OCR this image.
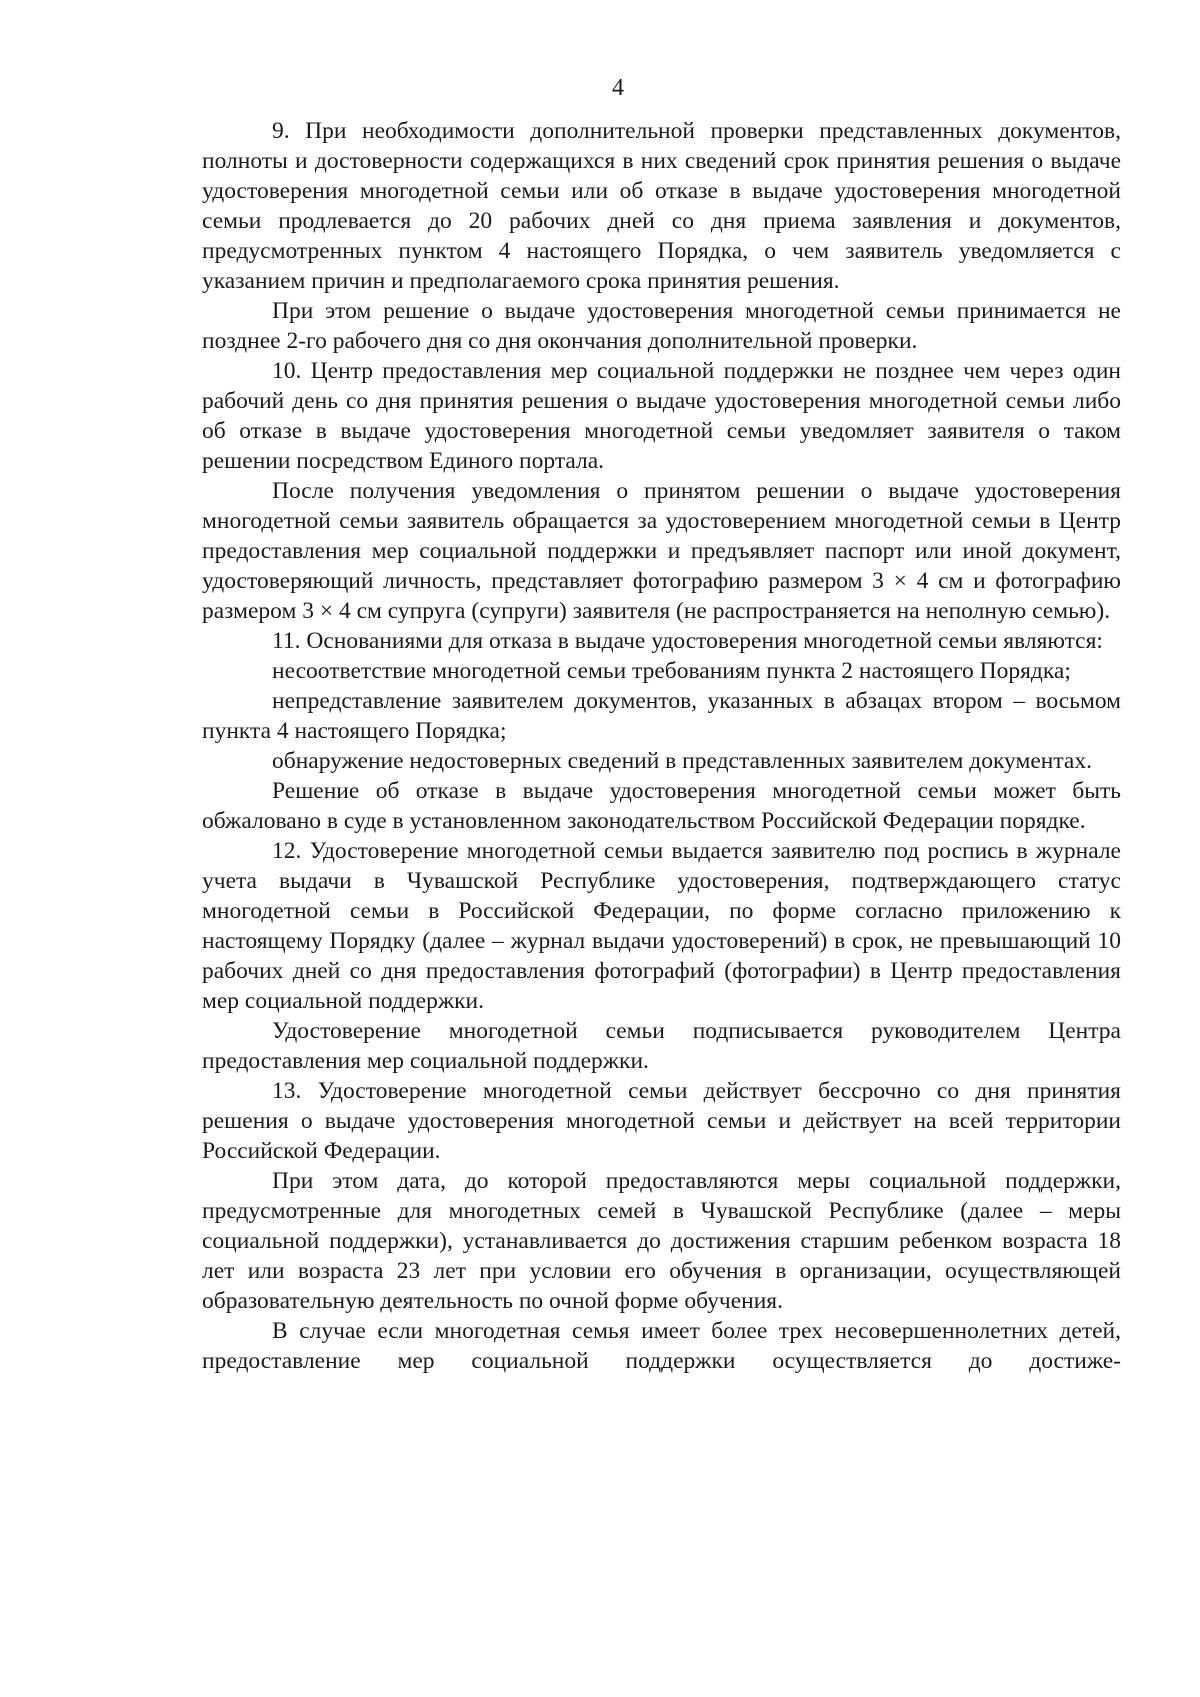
4

9. При необходимости дополнительной проверки представленных документов, полноты и достоверности содержащихся в них сведений срок принятия решения о выдаче удостоверения многодетной семьи или об отказе в выдаче удостоверения многодетной семьи продлевается до 20 рабочих дней со дня приема заявления и документов, предусмотренных пунктом 4 настоящего Порядка, о чем заявитель уведомляется с указанием причин и предполагаемого срока принятия решения.

При этом решение о выдаче удостоверения многодетной семьи принимается не позднее 2-го рабочего дня со дня окончания дополнительной проверки.

10. Центр предоставления мер социальной поддержки не позднее чем через один рабочий день со дня принятия решения о выдаче удостоверения многодетной семьи либо об отказе в выдаче удостоверения многодетной семьи уведомляет заявителя о таком решении посредством Единого портала.

После получения уведомления о принятом решении о выдаче удостоверения многодетной семьи заявитель обращается за удостоверением многодетной семьи в Центр предоставления мер социальной поддержки и предъявляет паспорт или иной документ, удостоверяющий личность, представляет фотографию размером 3 × 4 см и фотографию размером 3 × 4 см супруга (супруги) заявителя (не распространяется на неполную семью).

11. Основаниями для отказа в выдаче удостоверения многодетной семьи являются:

несоответствие многодетной семьи требованиям пункта 2 настоящего Порядка;

непредставление заявителем документов, указанных в абзацах втором – восьмом пункта 4 настоящего Порядка;

обнаружение недостоверных сведений в представленных заявителем документах.

Решение об отказе в выдаче удостоверения многодетной семьи может быть обжаловано в суде в установленном законодательством Российской Федерации порядке.

12. Удостоверение многодетной семьи выдается заявителю под роспись в журнале учета выдачи в Чувашской Республике удостоверения, подтверждающего статус многодетной семьи в Российской Федерации, по форме согласно приложению к настоящему Порядку (далее – журнал выдачи удостоверений) в срок, не превышающий 10 рабочих дней со дня предоставления фотографий (фотографии) в Центр предоставления мер социальной поддержки.

Удостоверение многодетной семьи подписывается руководителем Центра предоставления мер социальной поддержки.

13. Удостоверение многодетной семьи действует бессрочно со дня принятия решения о выдаче удостоверения многодетной семьи и действует на всей территории Российской Федерации.

При этом дата, до которой предоставляются меры социальной поддержки, предусмотренные для многодетных семей в Чувашской Республике (далее – меры социальной поддержки), устанавливается до достижения старшим ребенком возраста 18 лет или возраста 23 лет при условии его обучения в организации, осуществляющей образовательную деятельность по очной форме обучения.

В случае если многодетная семья имеет более трех несовершеннолетних детей, предоставление мер социальной поддержки осуществляется до достиже-
